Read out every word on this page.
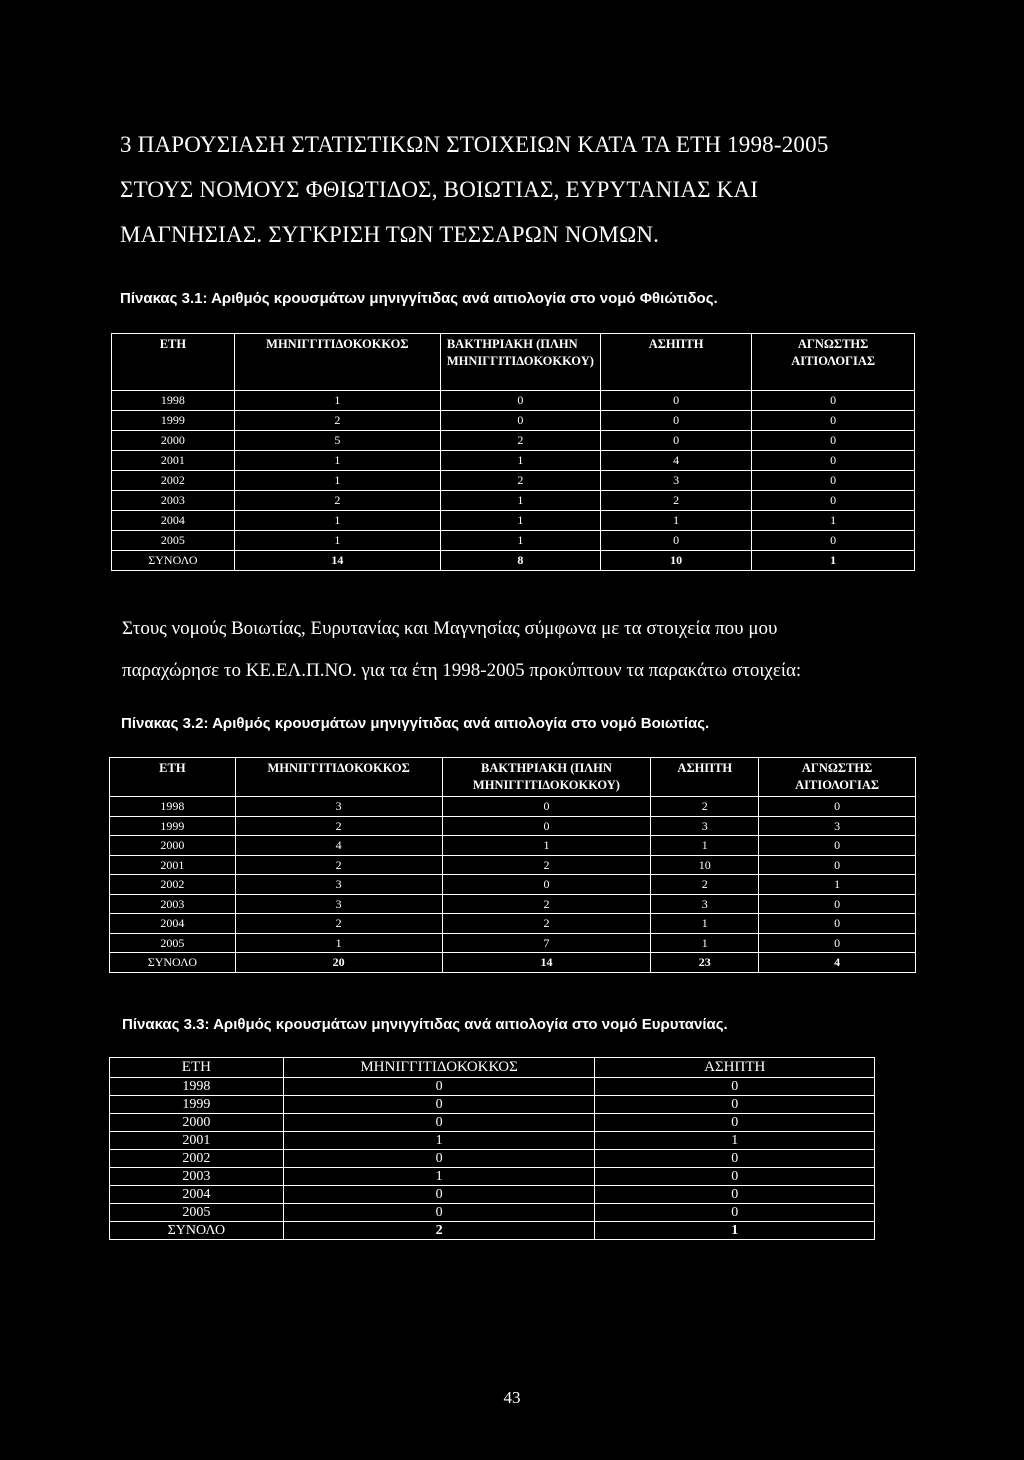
3 ΠΑΡΟΥΣΙΑΣΗ ΣΤΑΤΙΣΤΙΚΩΝ ΣΤΟΙΧΕΙΩΝ ΚΑΤΑ ΤΑ ΕΤΗ 1998-2005
ΣΤΟΥΣ ΝΟΜΟΥΣ ΦΘΙΩΤΙΔΟΣ, ΒΟΙΩΤΙΑΣ, ΕΥΡΥΤΑΝΙΑΣ ΚΑΙ
ΜΑΓΝΗΣΙΑΣ. ΣΥΓΚΡΙΣΗ ΤΩΝ ΤΕΣΣΑΡΩΝ ΝΟΜΩΝ.
Πίνακας 3.1: Αριθμός κρουσμάτων μηνιγγίτιδας ανά αιτιολογία στο νομό Φθιώτιδος.
ΕΤΗ	ΜΗΝΙΓΓΙΤΙΔΟΚΟΚΚΟΣ	ΒΑΚΤΗΡΙΑΚΗ (ΠΛΗΝ ΜΗΝΙΓΓΙΤΙΔΟΚΟΚΚΟΥ)	ΑΣΗΠΤΗ	ΑΓΝΩΣΤΗΣ ΑΙΤΙΟΛΟΓΙΑΣ
1998	1	0	0	0
1999	2	0	0	0
2000	5	2	0	0
2001	1	1	4	0
2002	1	2	3	0
2003	2	1	2	0
2004	1	1	1	1
2005	1	1	0	0
ΣΥΝΟΛΟ	14	8	10	1
Στους νομούς Βοιωτίας, Ευρυτανίας και Μαγνησίας σύμφωνα με τα στοιχεία που μου
παραχώρησε το ΚΕ.ΕΛ.Π.ΝΟ. για τα έτη 1998-2005 προκύπτουν τα παρακάτω στοιχεία:
Πίνακας 3.2: Αριθμός κρουσμάτων μηνιγγίτιδας ανά αιτιολογία στο νομό Βοιωτίας.
ΕΤΗ	ΜΗΝΙΓΓΙΤΙΔΟΚΟΚΚΟΣ	ΒΑΚΤΗΡΙΑΚΗ (ΠΛΗΝ ΜΗΝΙΓΓΙΤΙΔΟΚΟΚΚΟΥ)	ΑΣΗΠΤΗ	ΑΓΝΩΣΤΗΣ ΑΙΤΙΟΛΟΓΙΑΣ
1998	3	0	2	0
1999	2	0	3	3
2000	4	1	1	0
2001	2	2	10	0
2002	3	0	2	1
2003	3	2	3	0
2004	2	2	1	0
2005	1	7	1	0
ΣΥΝΟΛΟ	20	14	23	4
Πίνακας 3.3: Αριθμός κρουσμάτων μηνιγγίτιδας ανά αιτιολογία στο νομό Ευρυτανίας.
ΕΤΗ	ΜΗΝΙΓΓΙΤΙΔΟΚΟΚΚΟΣ	ΑΣΗΠΤΗ
1998	0	0
1999	0	0
2000	0	0
2001	1	1
2002	0	0
2003	1	0
2004	0	0
2005	0	0
ΣΥΝΟΛΟ	2	1
43
